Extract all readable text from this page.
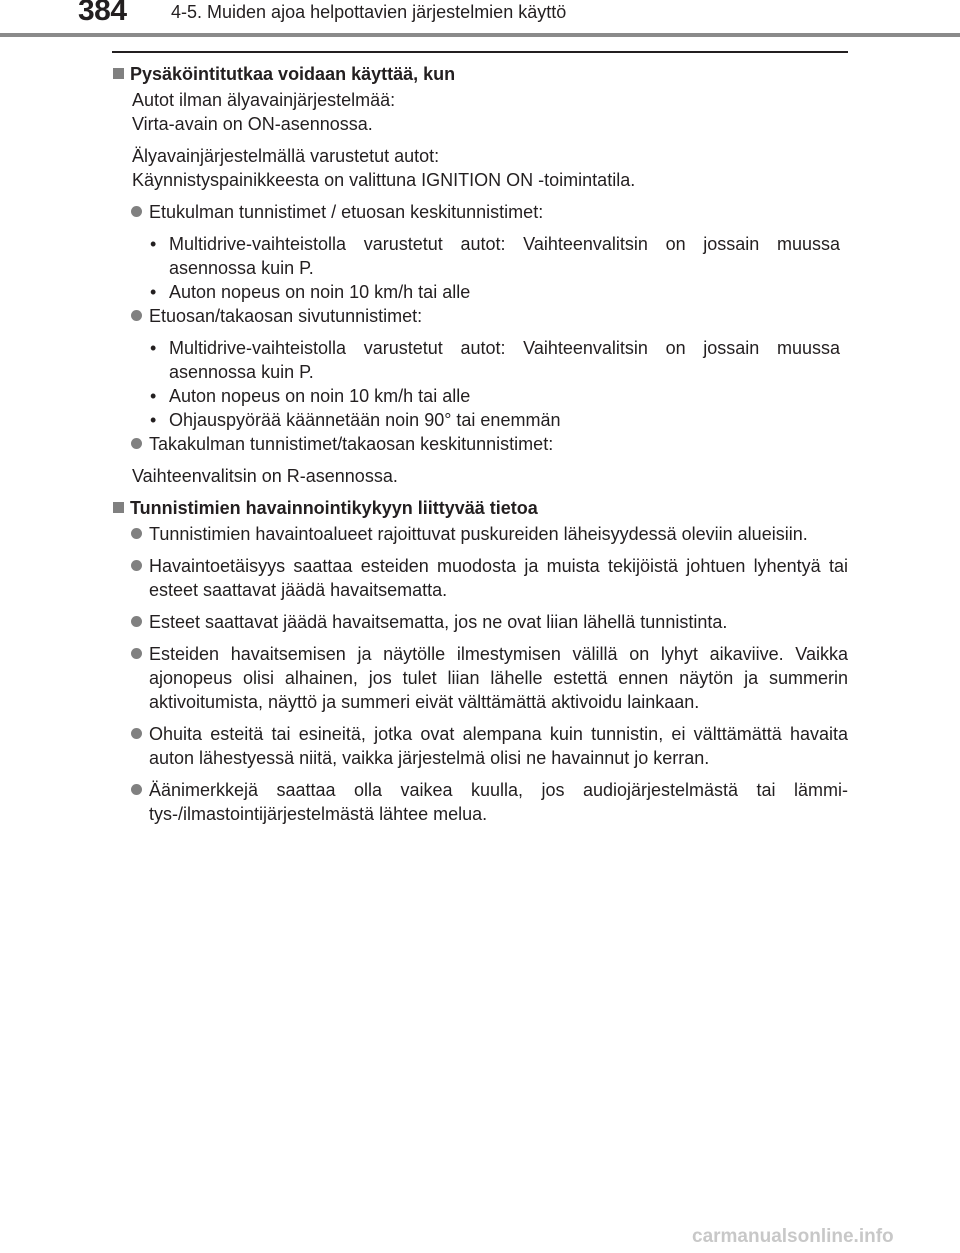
384 4-5. Muiden ajoa helpottavien järjestelmien käyttö
Pysäköintitutkaa voidaan käyttää, kun

Autot ilman älyavainjärjestelmää:
Virta-avain on ON-asennossa.

Älyavainjärjestelmällä varustetut autot:
Käynnistyspainikkeesta on valittuna IGNITION ON -toimintatila.

Etukulman tunnistimet / etuosan keskitunnistimet:
• Multidrive-vaihteistolla varustetut autot: Vaihteenvalitsin on jossain muussa asennossa kuin P.
• Auton nopeus on noin 10 km/h tai alle
Etuosan/takaosan sivutunnistimet:
• Multidrive-vaihteistolla varustetut autot: Vaihteenvalitsin on jossain muussa asennossa kuin P.
• Auton nopeus on noin 10 km/h tai alle
• Ohjauspyörää käännetään noin 90° tai enemmän
Takakulman tunnistimet/takaosan keskitunnistimet:

Vaihteenvalitsin on R-asennossa.

Tunnistimien havainnointikykyyn liittyvää tietoa
Tunnistimien havaintoalueet rajoittuvat puskureiden läheisyydessä oleviin alueisiin.
Havaintoetäisyys saattaa esteiden muodosta ja muista tekijöistä johtuen lyhentyä tai esteet saattavat jäädä havaitsematta.
Esteet saattavat jäädä havaitsematta, jos ne ovat liian lähellä tunnistinta.
Esteiden havaitsemisen ja näytölle ilmestymisen välillä on lyhyt aikaviive. Vaikka ajonopeus olisi alhainen, jos tulet liian lähelle estettä ennen näytön ja summerin aktivoitumista, näyttö ja summeri eivät välttämättä aktivoidu lainkaan.
Ohuita esteitä tai esineitä, jotka ovat alempana kuin tunnistin, ei välttämättä havaita auton lähestyessä niitä, vaikka järjestelmä olisi ne havainnut jo kerran.
Äänimerkkejä saattaa olla vaikea kuulla, jos audiojärjestelmästä tai lämmi-tys-/ilmastointijärjestelmästä lähtee melua.
carmanualsonline.info
